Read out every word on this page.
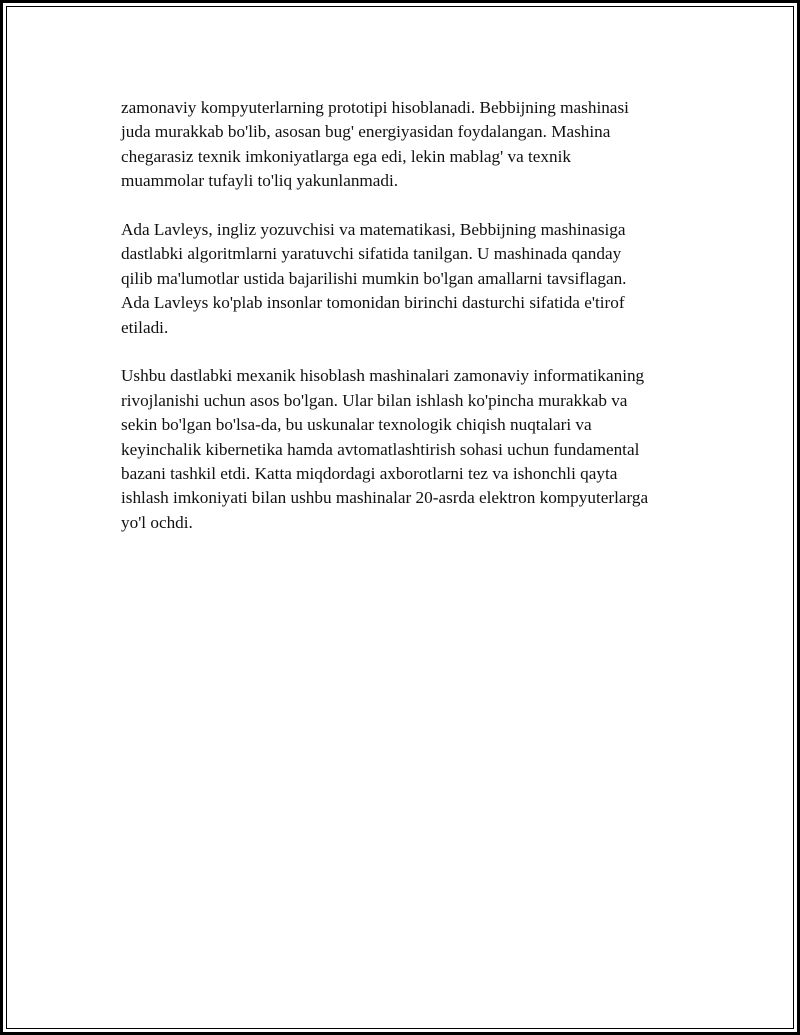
zamonaviy kompyuterlarning prototipi hisoblanadi. Bebbijning mashinasi
juda murakkab bo'lib, asosan bug' energiyasidan foydalangan. Mashina
chegarasiz texnik imkoniyatlarga ega edi, lekin mablag' va texnik
muammolar tufayli to'liq yakunlanmadi.

Ada Lavleys, ingliz yozuvchisi va matematikasi, Bebbijning mashinasiga
dastlabki algoritmlarni yaratuvchi sifatida tanilgan. U mashinada qanday
qilib ma'lumotlar ustida bajarilishi mumkin bo'lgan amallarni tavsiflagan.
Ada Lavleys ko'plab insonlar tomonidan birinchi dasturchi sifatida e'tirof
etiladi.

Ushbu dastlabki mexanik hisoblash mashinalari zamonaviy informatikaning
rivojlanishi uchun asos bo'lgan. Ular bilan ishlash ko'pincha murakkab va
sekin bo'lgan bo'lsa-da, bu uskunalar texnologik chiqish nuqtalari va
keyinchalik kibernetika hamda avtomatlashtirish sohasi uchun fundamental
bazani tashkil etdi. Katta miqdordagi axborotlarni tez va ishonchli qayta
ishlash imkoniyati bilan ushbu mashinalar 20-asrda elektron kompyuterlarga
yo'l ochdi.
